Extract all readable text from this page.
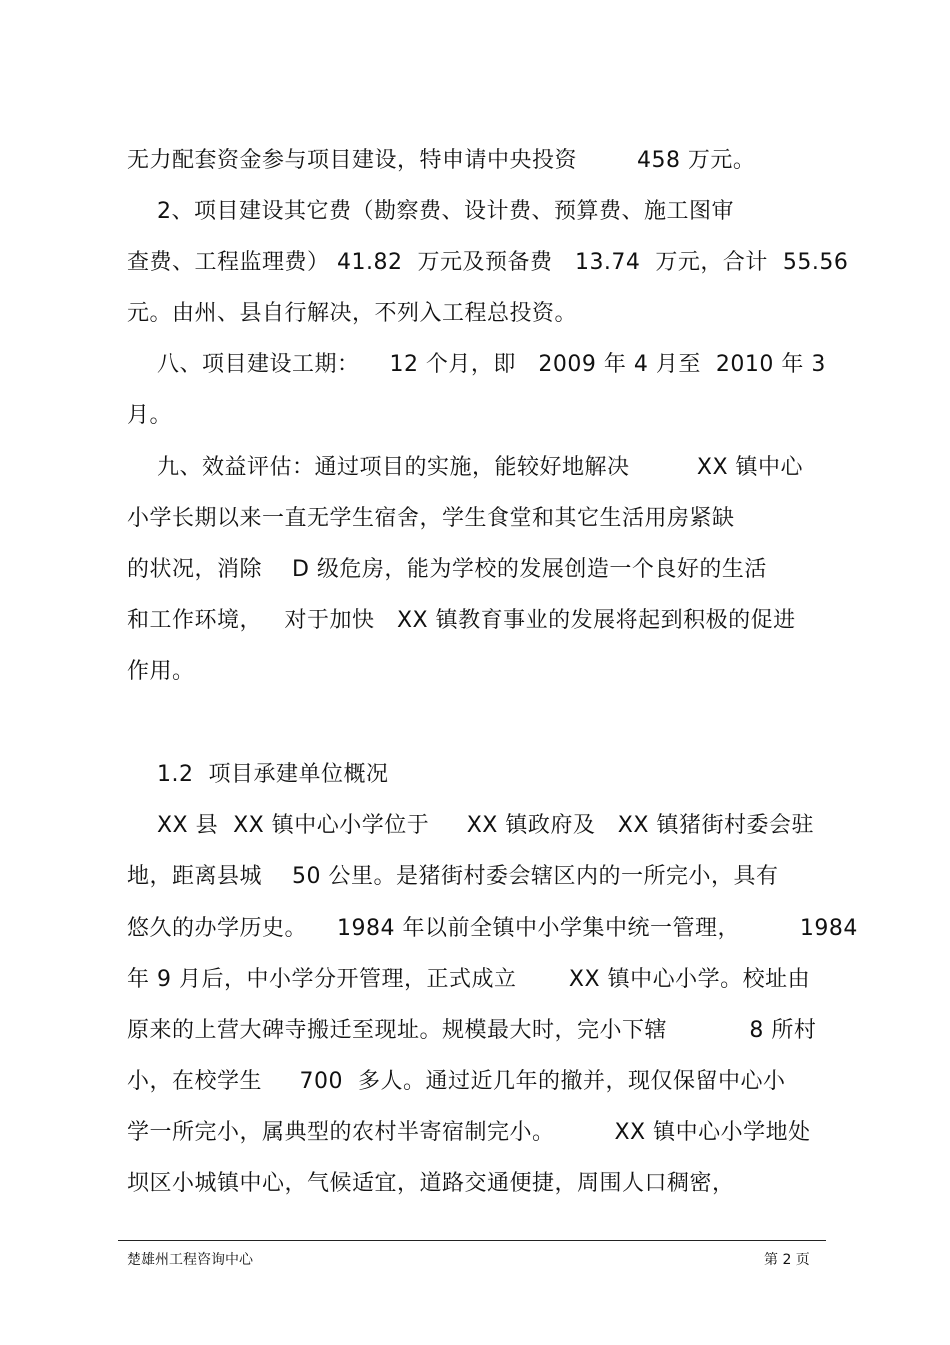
无力配套资金参与项目建设，特申请中央投资        458 万元。
2、项目建设其它费（勘察费、设计费、预算费、施工图审
查费、工程监理费） 41.82  万元及预备费   13.74  万元，合计  55.56
元。由州、县自行解决，不列入工程总投资。
八、项目建设工期：    12 个月，即   2009 年 4 月至  2010 年 3
月。
九、效益评估：通过项目的实施，能较好地解决         XX 镇中心
小学长期以来一直无学生宿舍，学生食堂和其它生活用房紧缺
的状况，消除    D 级危房，能为学校的发展创造一个良好的生活
和工作环境，   对于加快   XX 镇教育事业的发展将起到积极的促进
作用。
1.2  项目承建单位概况
XX 县  XX 镇中心小学位于     XX 镇政府及   XX 镇猪街村委会驻
地，距离县城    50 公里。是猪街村委会辖区内的一所完小，具有
悠久的办学历史。    1984 年以前全镇中小学集中统一管理，        1984
年 9 月后，中小学分开管理，正式成立       XX 镇中心小学。校址由
原来的上营大碑寺搬迁至现址。规模最大时，完小下辖           8 所村
小，在校学生     700  多人。通过近几年的撤并，现仅保留中心小
学一所完小，属典型的农村半寄宿制完小。        XX 镇中心小学地处
坝区小城镇中心，气候适宜，道路交通便捷，周围人口稠密，
楚雄州工程咨询中心	第 2 页
